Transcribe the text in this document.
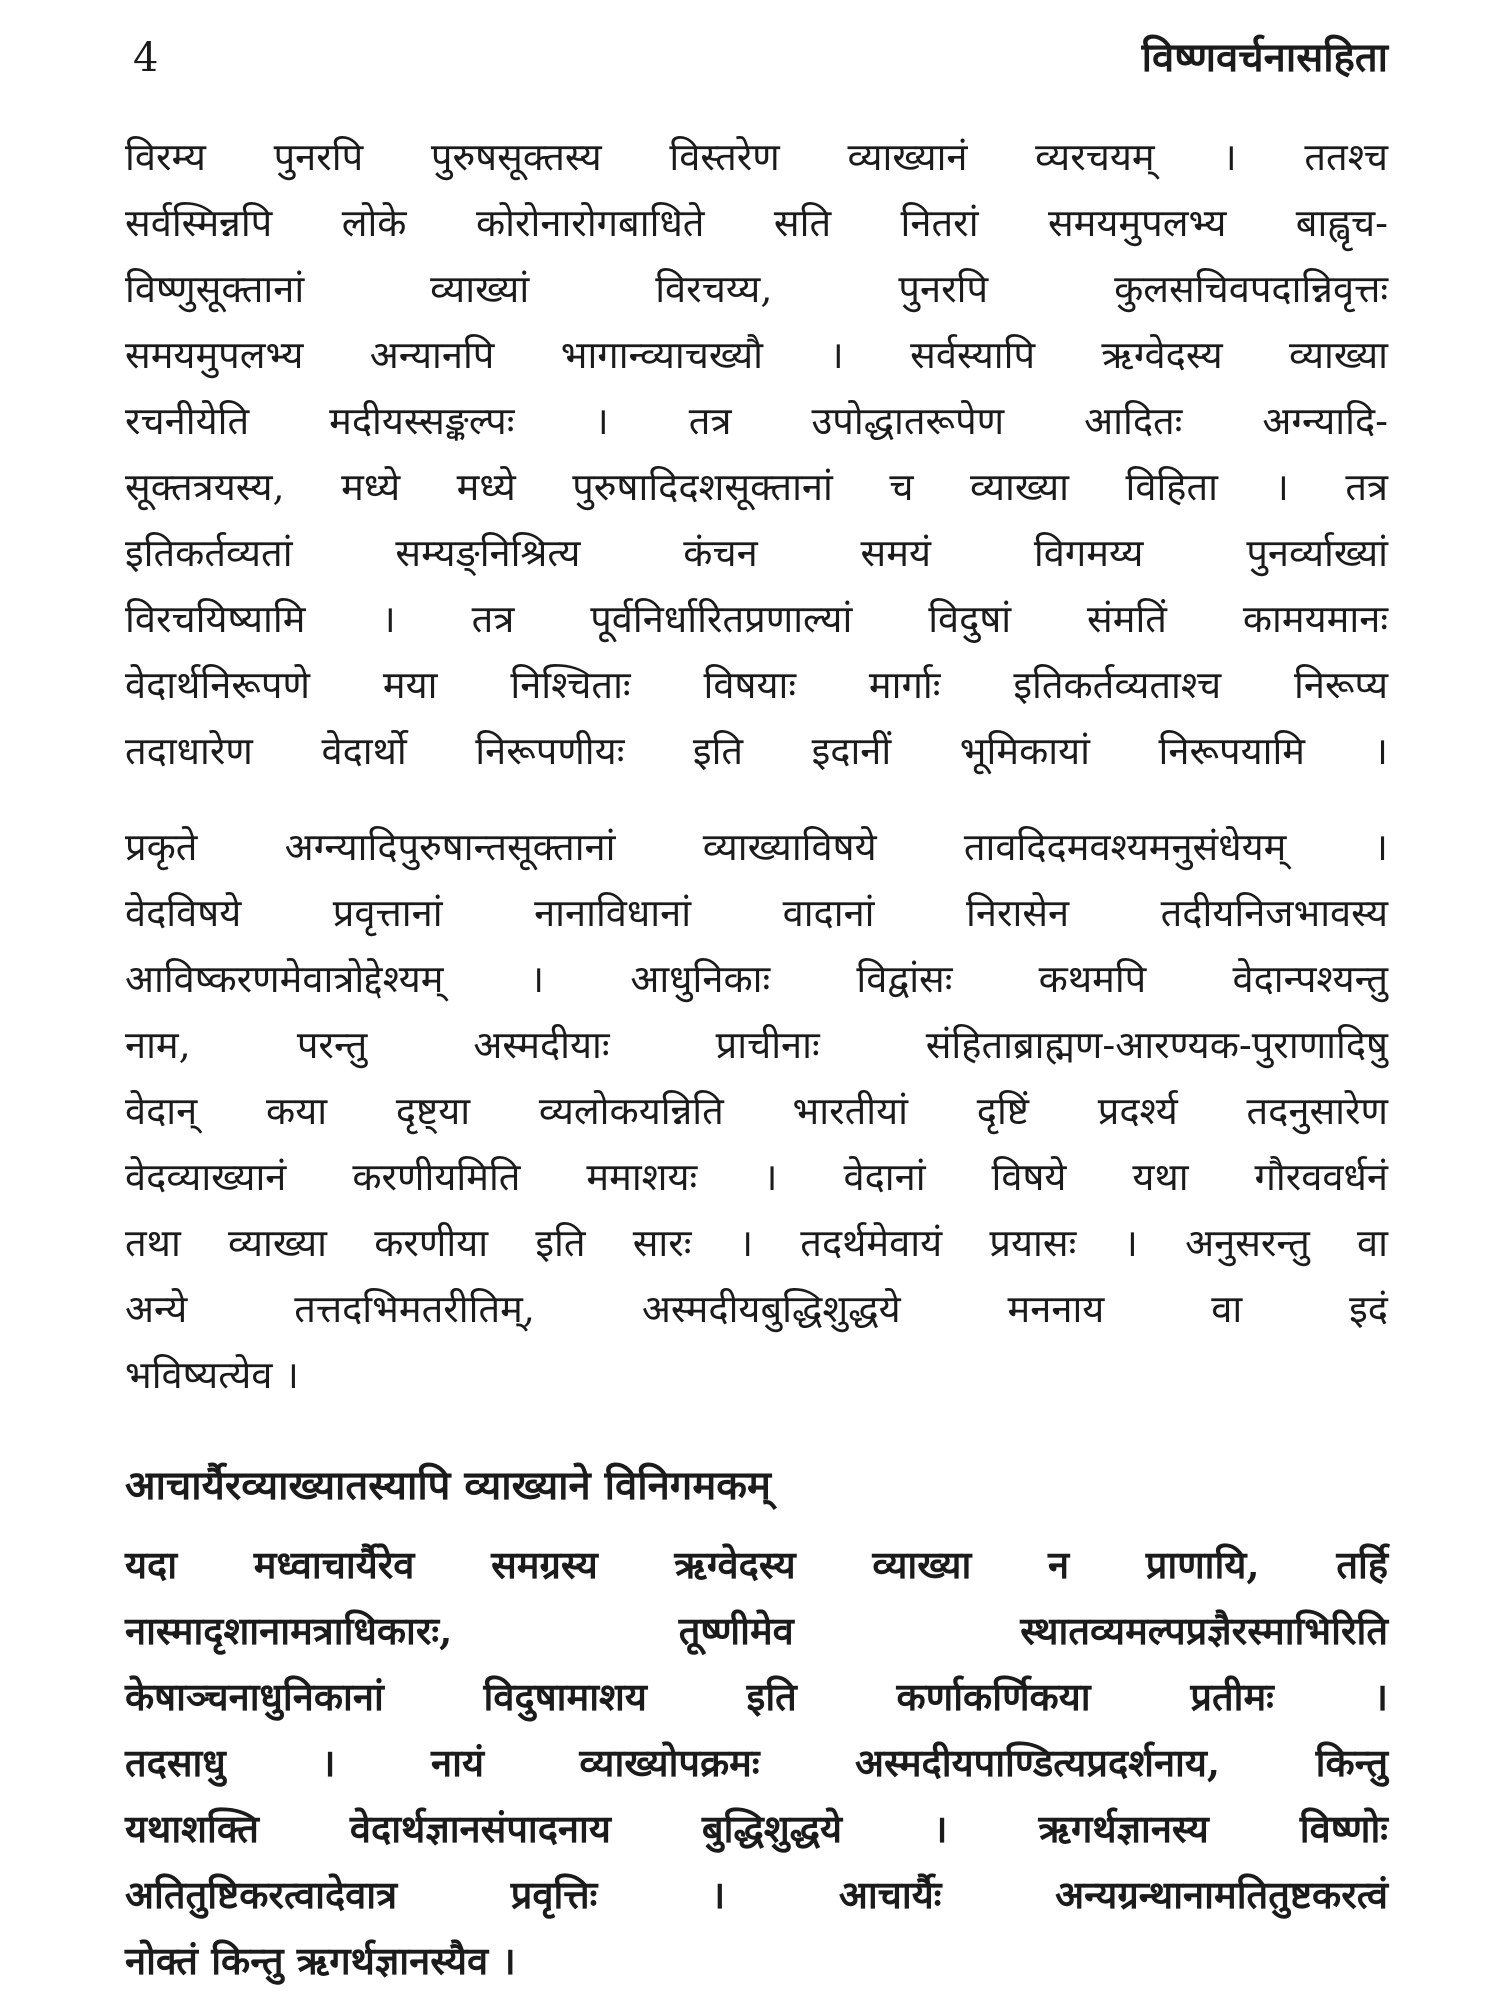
4	विष्णवर्चनासहिता
विरम्य पुनरपि पुरुषसूक्तस्य विस्तरेण व्याख्यानं व्यरचयम् । ततश्च
सर्वस्मिन्नपि लोके कोरोनारोगबाधिते सति नितरां समयमुपलभ्य बाह्वृच-
विष्णुसूक्तानां व्याख्यां विरचय्य, पुनरपि कुलसचिवपदान्निवृत्तः
समयमुपलभ्य अन्यानपि भागान्व्याचख्यौ । सर्वस्यापि ऋग्वेदस्य व्याख्या
रचनीयेति मदीयस्सङ्कल्पः । तत्र उपोद्धातरूपेण आदितः अग्न्यादि-
सूक्तत्रयस्य, मध्ये मध्ये पुरुषादिदशसूक्तानां च व्याख्या विहिता । तत्र
इतिकर्तव्यतां सम्यङ्निश्रित्य कंचन समयं विगमय्य पुनर्व्याख्यां
विरचयिष्यामि । तत्र पूर्वनिर्धारितप्रणाल्यां विदुषां संमतिं कामयमानः
वेदार्थनिरूपणे मया निश्चिताः विषयाः मार्गाः इतिकर्तव्यताश्च निरूप्य
तदाधारेण वेदार्थो निरूपणीयः इति इदानीं भूमिकायां निरूपयामि ।
प्रकृते अग्न्यादिपुरुषान्तसूक्तानां व्याख्याविषये तावदिदमवश्यमनुसंधेयम् ।
वेदविषये प्रवृत्तानां नानाविधानां वादानां निरासेन तदीयनिजभावस्य
आविष्करणमेवात्रोद्देश्यम् । आधुनिकाः विद्वांसः कथमपि वेदान्पश्यन्तु
नाम, परन्तु अस्मदीयाः प्राचीनाः संहिताब्राह्मण-आरण्यक-पुराणादिषु
वेदान् कया दृष्ट्या व्यलोकयन्निति भारतीयां दृष्टिं प्रदर्श्य तदनुसारेण
वेदव्याख्यानं करणीयमिति ममाशयः । वेदानां विषये यथा गौरववर्धनं
तथा व्याख्या करणीया इति सारः । तदर्थमेवायं प्रयासः । अनुसरन्तु वा
अन्ये तत्तदभिमतरीतिम्, अस्मदीयबुद्धिशुद्धये मननाय वा इदं
भविष्यत्येव ।
आचार्यैरव्याख्यातस्यापि व्याख्याने विनिगमकम्
यदा मध्वाचार्यैरेव समग्रस्य ऋग्वेदस्य व्याख्या न प्राणायि, तर्हि
नास्मादृशानामत्राधिकारः, तूष्णीमेव स्थातव्यमल्पप्रज्ञैरस्माभिरिति
केषाञ्चनाधुनिकानां विदुषामाशय इति कर्णाकर्णिकया प्रतीमः ।
तदसाधु । नायं व्याख्योपक्रमः अस्मदीयपाण्डित्यप्रदर्शनाय, किन्तु
यथाशक्ति वेदार्थज्ञानसंपादनाय बुद्धिशुद्धये । ऋगर्थज्ञानस्य विष्णोः
अतितुष्टिकरत्वादेवात्र प्रवृत्तिः । आचार्यैः अन्यग्रन्थानामतितुष्टकरत्वं
नोक्तं किन्तु ऋगर्थज्ञानस्यैव ।
